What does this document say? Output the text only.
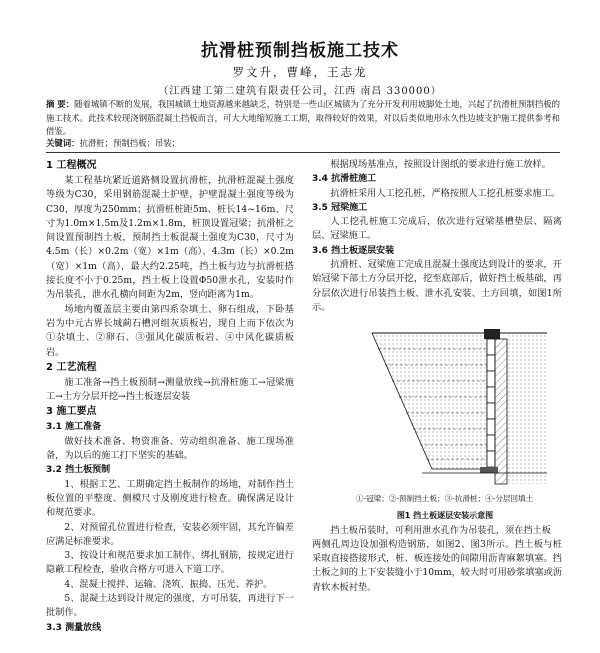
抗滑桩预制挡板施工技术
罗文升，曹峰，王志龙
（江西建工第二建筑有限责任公司，江西 南昌 330000）
摘 要：随着城镇不断的发展，我国城镇土地资源越来越缺乏，特别是一些山区城镇为了充分开发利用坡脚处土地，兴起了抗滑桩预制挡板的施工技术。此技术较现浇钢筋混凝土挡板而言，可大大地缩短施工工期，取得较好的效果，对以后类似地形永久性边坡支护施工提供参考和借鉴。
关键词：抗滑桩；预制挡板；吊装；
1 工程概况

某工程基坑紧近道路侧设置抗滑桩，抗滑桩混凝土强度等级为C30，采用钢筋混凝土护壁，护壁混凝土强度等级为C30，厚度为250mm；抗滑桩桩距5m、桩长14~16m、尺寸为1.0m×1.5m及1.2m×1.8m，桩顶设置冠梁；抗滑桩之间设置预制挡土板，预制挡土板混凝土强度为C30，尺寸为4.5m（长）×0.2m（宽）×1m（高）、4.3m（长）×0.2m（宽）×1m（高），最大约2.25吨，挡土板与边与抗滑桩搭接长度不小于0.25m，挡土板上设置Φ50泄水孔，安装时作为吊装孔，泄水孔横向间距为2m，竖向距离为1m。

场地内覆盖层主要由第四系杂填土、卵石组成，下卧基岩为中元古界长城蓟石槽河组灰质板岩，现自上而下依次为①杂填土、②卵石、③强风化碳质板岩、④中风化碳质板岩。

2 工艺流程

施工准备→挡土板预制→测量放线→抗滑桩施工→冠梁施工→土方分层开挖→挡土板逐层安装

3 施工要点
3.1 施工准备

做好技术准备、物资准备、劳动组织准备、施工现场准备，为以后的施工打下坚实的基础。

3.2 挡土板预制

1、根据工艺、工期确定挡土板制作的场地，对制作挡土板位置的平整度、侧模尺寸及刚度进行检查。确保满足设计和规范要求。

2、对预留孔位置进行检查，安装必须牢固，其允许偏差应满足标准要求。

3、按设计和规范要求加工制作、绑扎钢筋，按规定进行隐蔽工程检查，验收合格方可进入下道工序。

4、混凝土搅拌、运输、浇筑、振捣、压光、养护。

5、混凝土达到设计规定的强度，方可吊装，再进行下一批制作。

3.3 测量放线

根据现场基准点，按照设计图纸的要求进行施工放样。

3.4 抗滑桩施工

抗滑桩采用人工挖孔桩，严格按照人工挖孔桩要求施工。

3.5 冠梁施工

人工挖孔桩施工完成后，依次进行冠梁基槽垫层、隔离层、冠梁施工。

3.6 挡土板逐层安装

抗滑桩、冠梁施工完成且混凝土强度达到设计的要求，开始冠梁下部土方分层开挖，挖至底部后，做好挡土板基础，再分层依次进行吊装挡土板、泄水孔安装、土方回填，如图1所示。

①-冠梁；②-预制挡土板；③-抗滑桩；④-分层回填土

图1 挡土板逐层安装示意图

挡土板吊装时，可利用泄水孔作为吊装孔，须在挡土板

两侧孔周边设加强构造钢筋，如图2、图3所示。挡土板与桩采取直接搭接形式，桩、板连接处的间隙用沥青麻絮填塞。挡土板之间的上下安装缝小于10mm，较大时可用砂浆填塞或沥青软木板衬垫。
